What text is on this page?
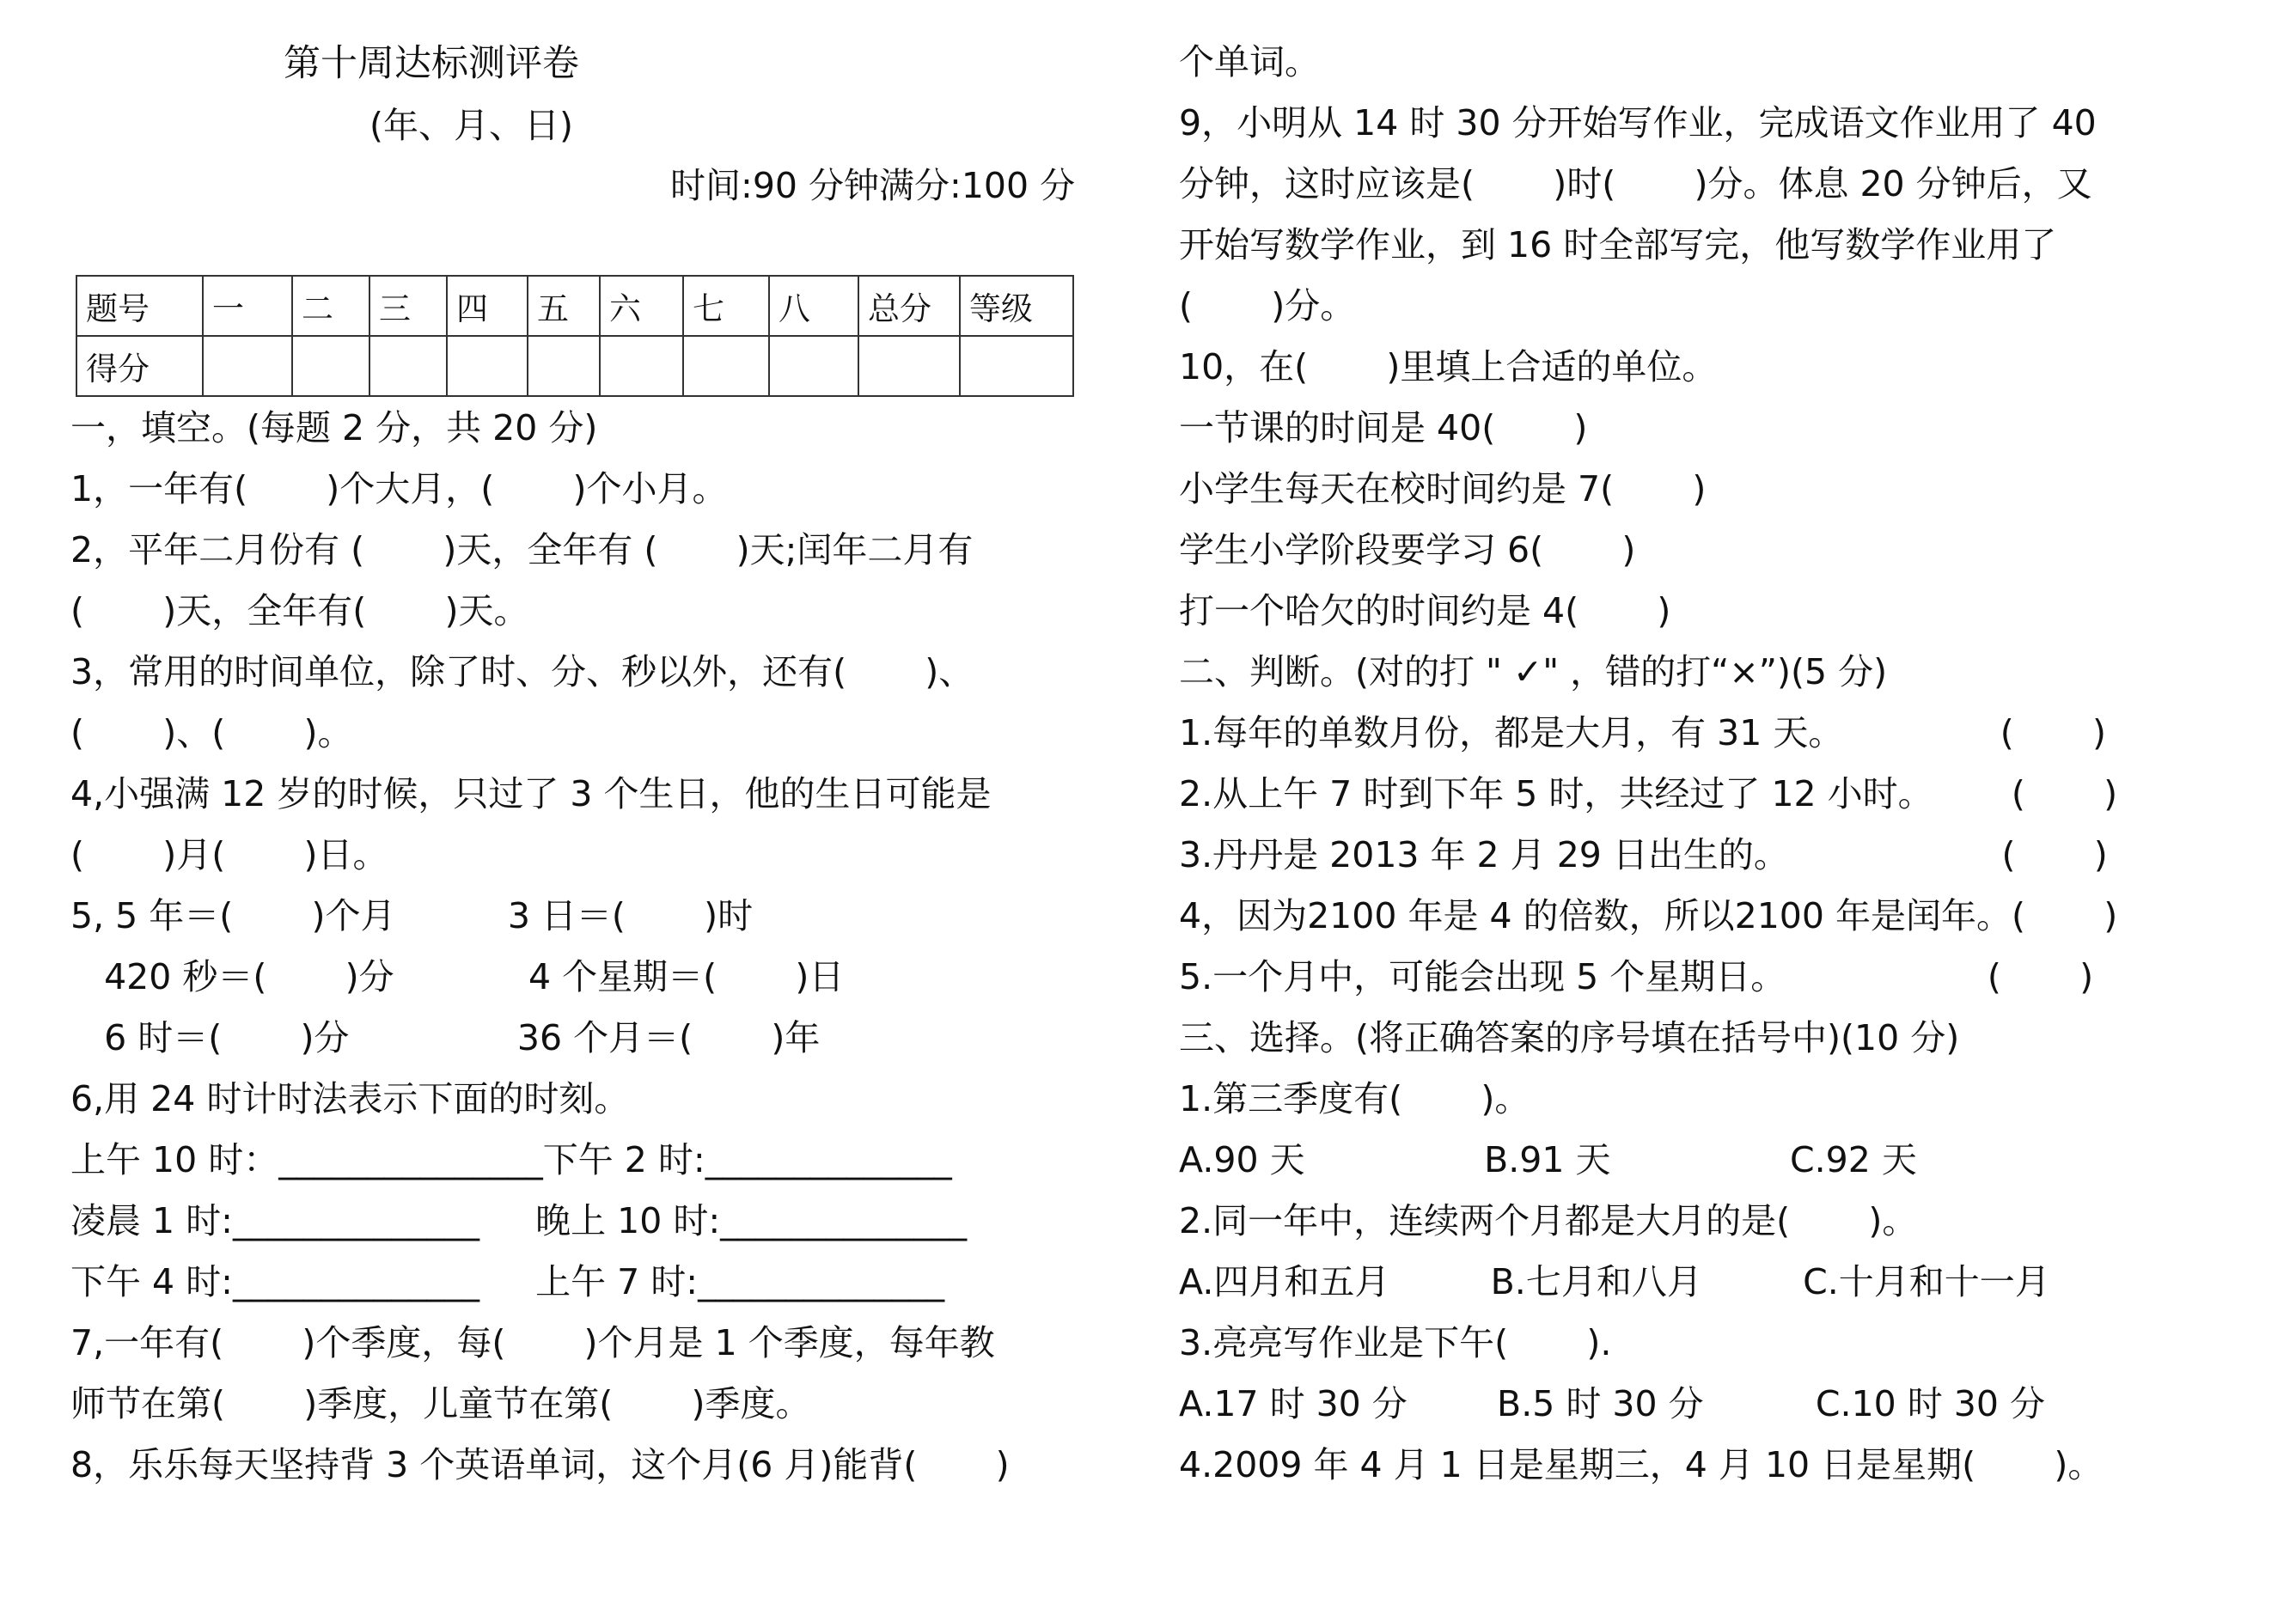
第十周达标测评卷
(年、月、日)
时间:90 分钟满分:100 分
题号	一	二	三	四	五	六	七	八	总分	等级
得分										
一，填空。(每题 2 分，共 20 分)
1，一年有(       )个大月，(       )个小月。
2，平年二月份有 (       )天，全年有 (       )天;闰年二月有
(       )天，全年有(       )天。
3，常用的时间单位，除了时、分、秒以外，还有(       )、
(       )、(       )。
4,小强满 12 岁的时候，只过了 3 个生日，他的生日可能是
(       )月(       )日。
5, 5 年＝(       )个月          3 日＝(       )时
420 秒＝(       )分            4 个星期＝(       )日
6 时＝(       )分               36 个月＝(       )年
6,用 24 时计时法表示下面的时刻。
上午 10 时：_______________下午 2 时:______________
凌晨 1 时:______________     晚上 10 时:______________
下午 4 时:______________     上午 7 时:______________
7,一年有(       )个季度，每(       )个月是 1 个季度，每年教
师节在第(       )季度，儿童节在第(       )季度。
8，乐乐每天坚持背 3 个英语单词，这个月(6 月)能背(       )
个单词。
9，小明从 14 时 30 分开始写作业，完成语文作业用了 40
分钟，这时应该是(       )时(       )分。体息 20 分钟后，又
开始写数学作业，到 16 时全部写完，他写数学作业用了
(       )分。
10，在(       )里填上合适的单位。
一节课的时间是 40(       )
小学生每天在校时间约是 7(       )
学生小学阶段要学习 6(       )
打一个哈欠的时间约是 4(       )
二、判断。(对的打 " ✓" ，错的打“×”)(5 分)
1.每年的单数月份，都是大月，有 31 天。              (       )
2.从上午 7 时到下年 5 时，共经过了 12 小时。       (       )
3.丹丹是 2013 年 2 月 29 日出生的。                   (       )
4，因为2100 年是 4 的倍数，所以2100 年是闰年。(       )
5.一个月中，可能会出现 5 个星期日。                  (       )
三、选择。(将正确答案的序号填在括号中)(10 分)
1.第三季度有(       )。
A.90 天                B.91 天                C.92 天
2.同一年中，连续两个月都是大月的是(       )。
A.四月和五月         B.七月和八月         C.十月和十一月
3.亮亮写作业是下午(       ).
A.17 时 30 分        B.5 时 30 分          C.10 时 30 分
4.2009 年 4 月 1 日是星期三，4 月 10 日是星期(       )。
